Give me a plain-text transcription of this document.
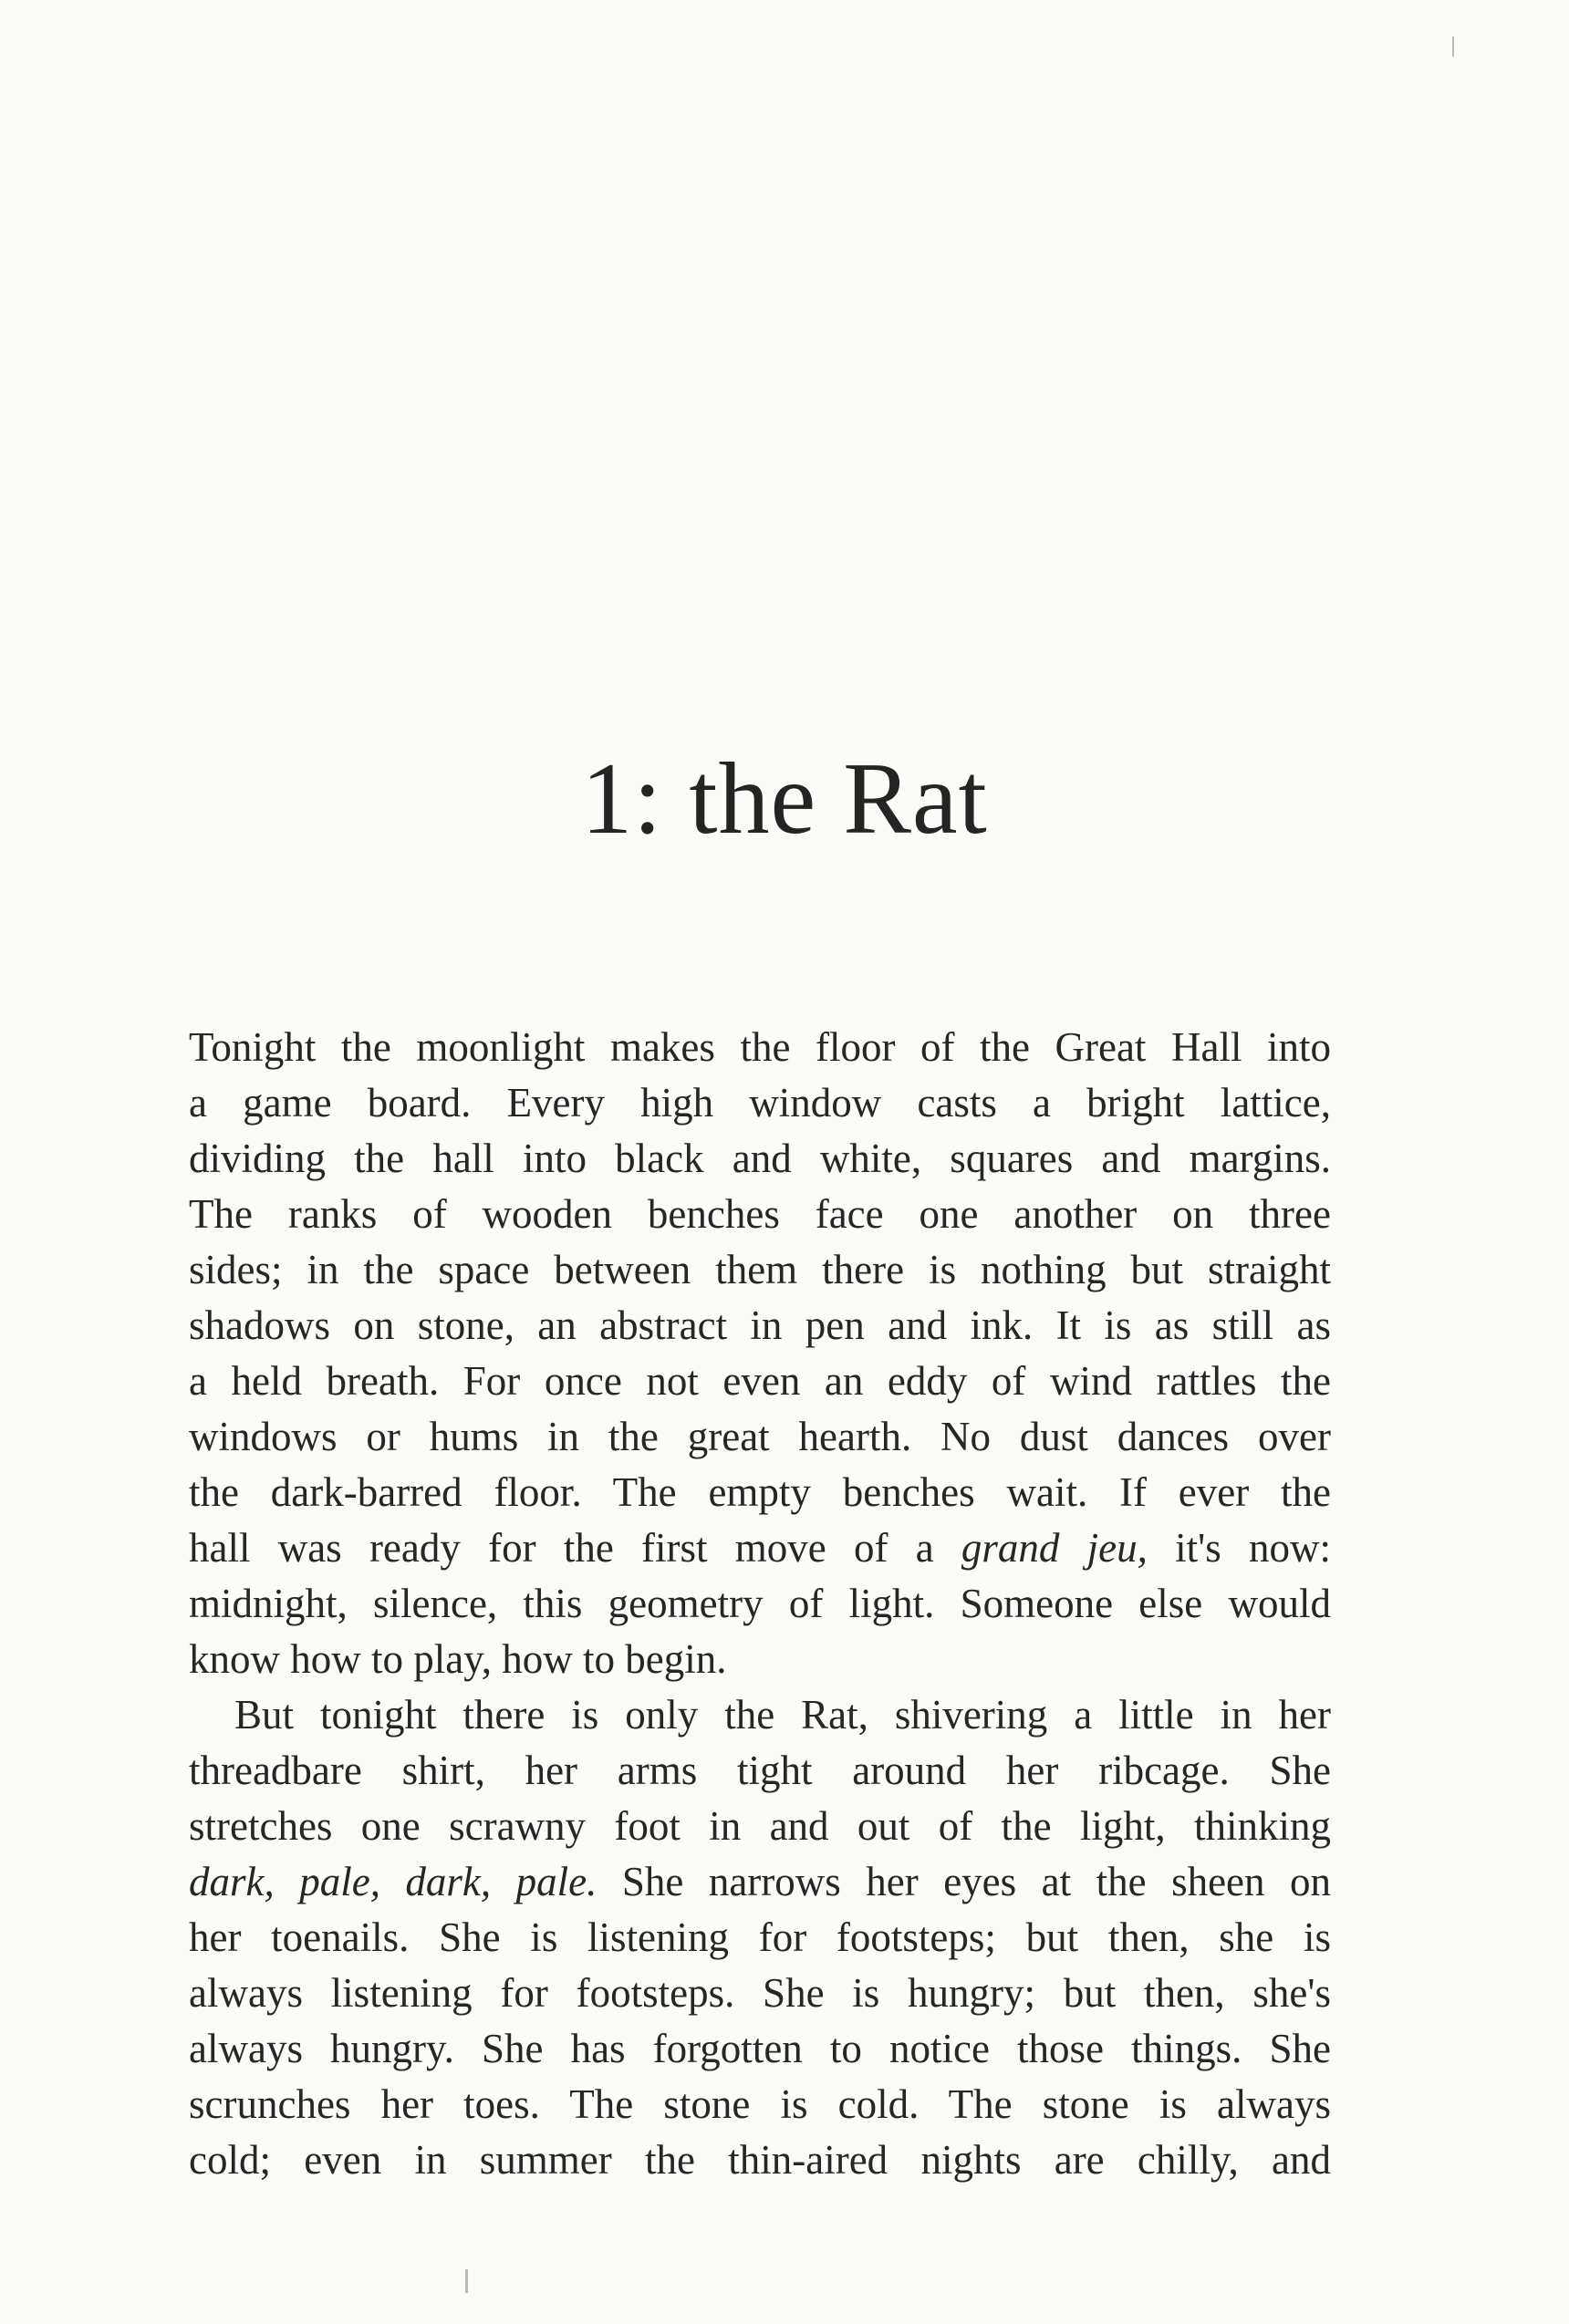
1: the Rat

Tonight the moonlight makes the floor of the Great Hall into
a game board. Every high window casts a bright lattice,
dividing the hall into black and white, squares and margins.
The ranks of wooden benches face one another on three
sides; in the space between them there is nothing but straight
shadows on stone, an abstract in pen and ink. It is as still as
a held breath. For once not even an eddy of wind rattles the
windows or hums in the great hearth. No dust dances over
the dark-barred floor. The empty benches wait. If ever the
hall was ready for the first move of a grand jeu, it's now:
midnight, silence, this geometry of light. Someone else would
know how to play, how to begin.

But tonight there is only the Rat, shivering a little in her
threadbare shirt, her arms tight around her ribcage. She
stretches one scrawny foot in and out of the light, thinking
dark, pale, dark, pale. She narrows her eyes at the sheen on
her toenails. She is listening for footsteps; but then, she is
always listening for footsteps. She is hungry; but then, she's
always hungry. She has forgotten to notice those things. She
scrunches her toes. The stone is cold. The stone is always
cold; even in summer the thin-aired nights are chilly, and
